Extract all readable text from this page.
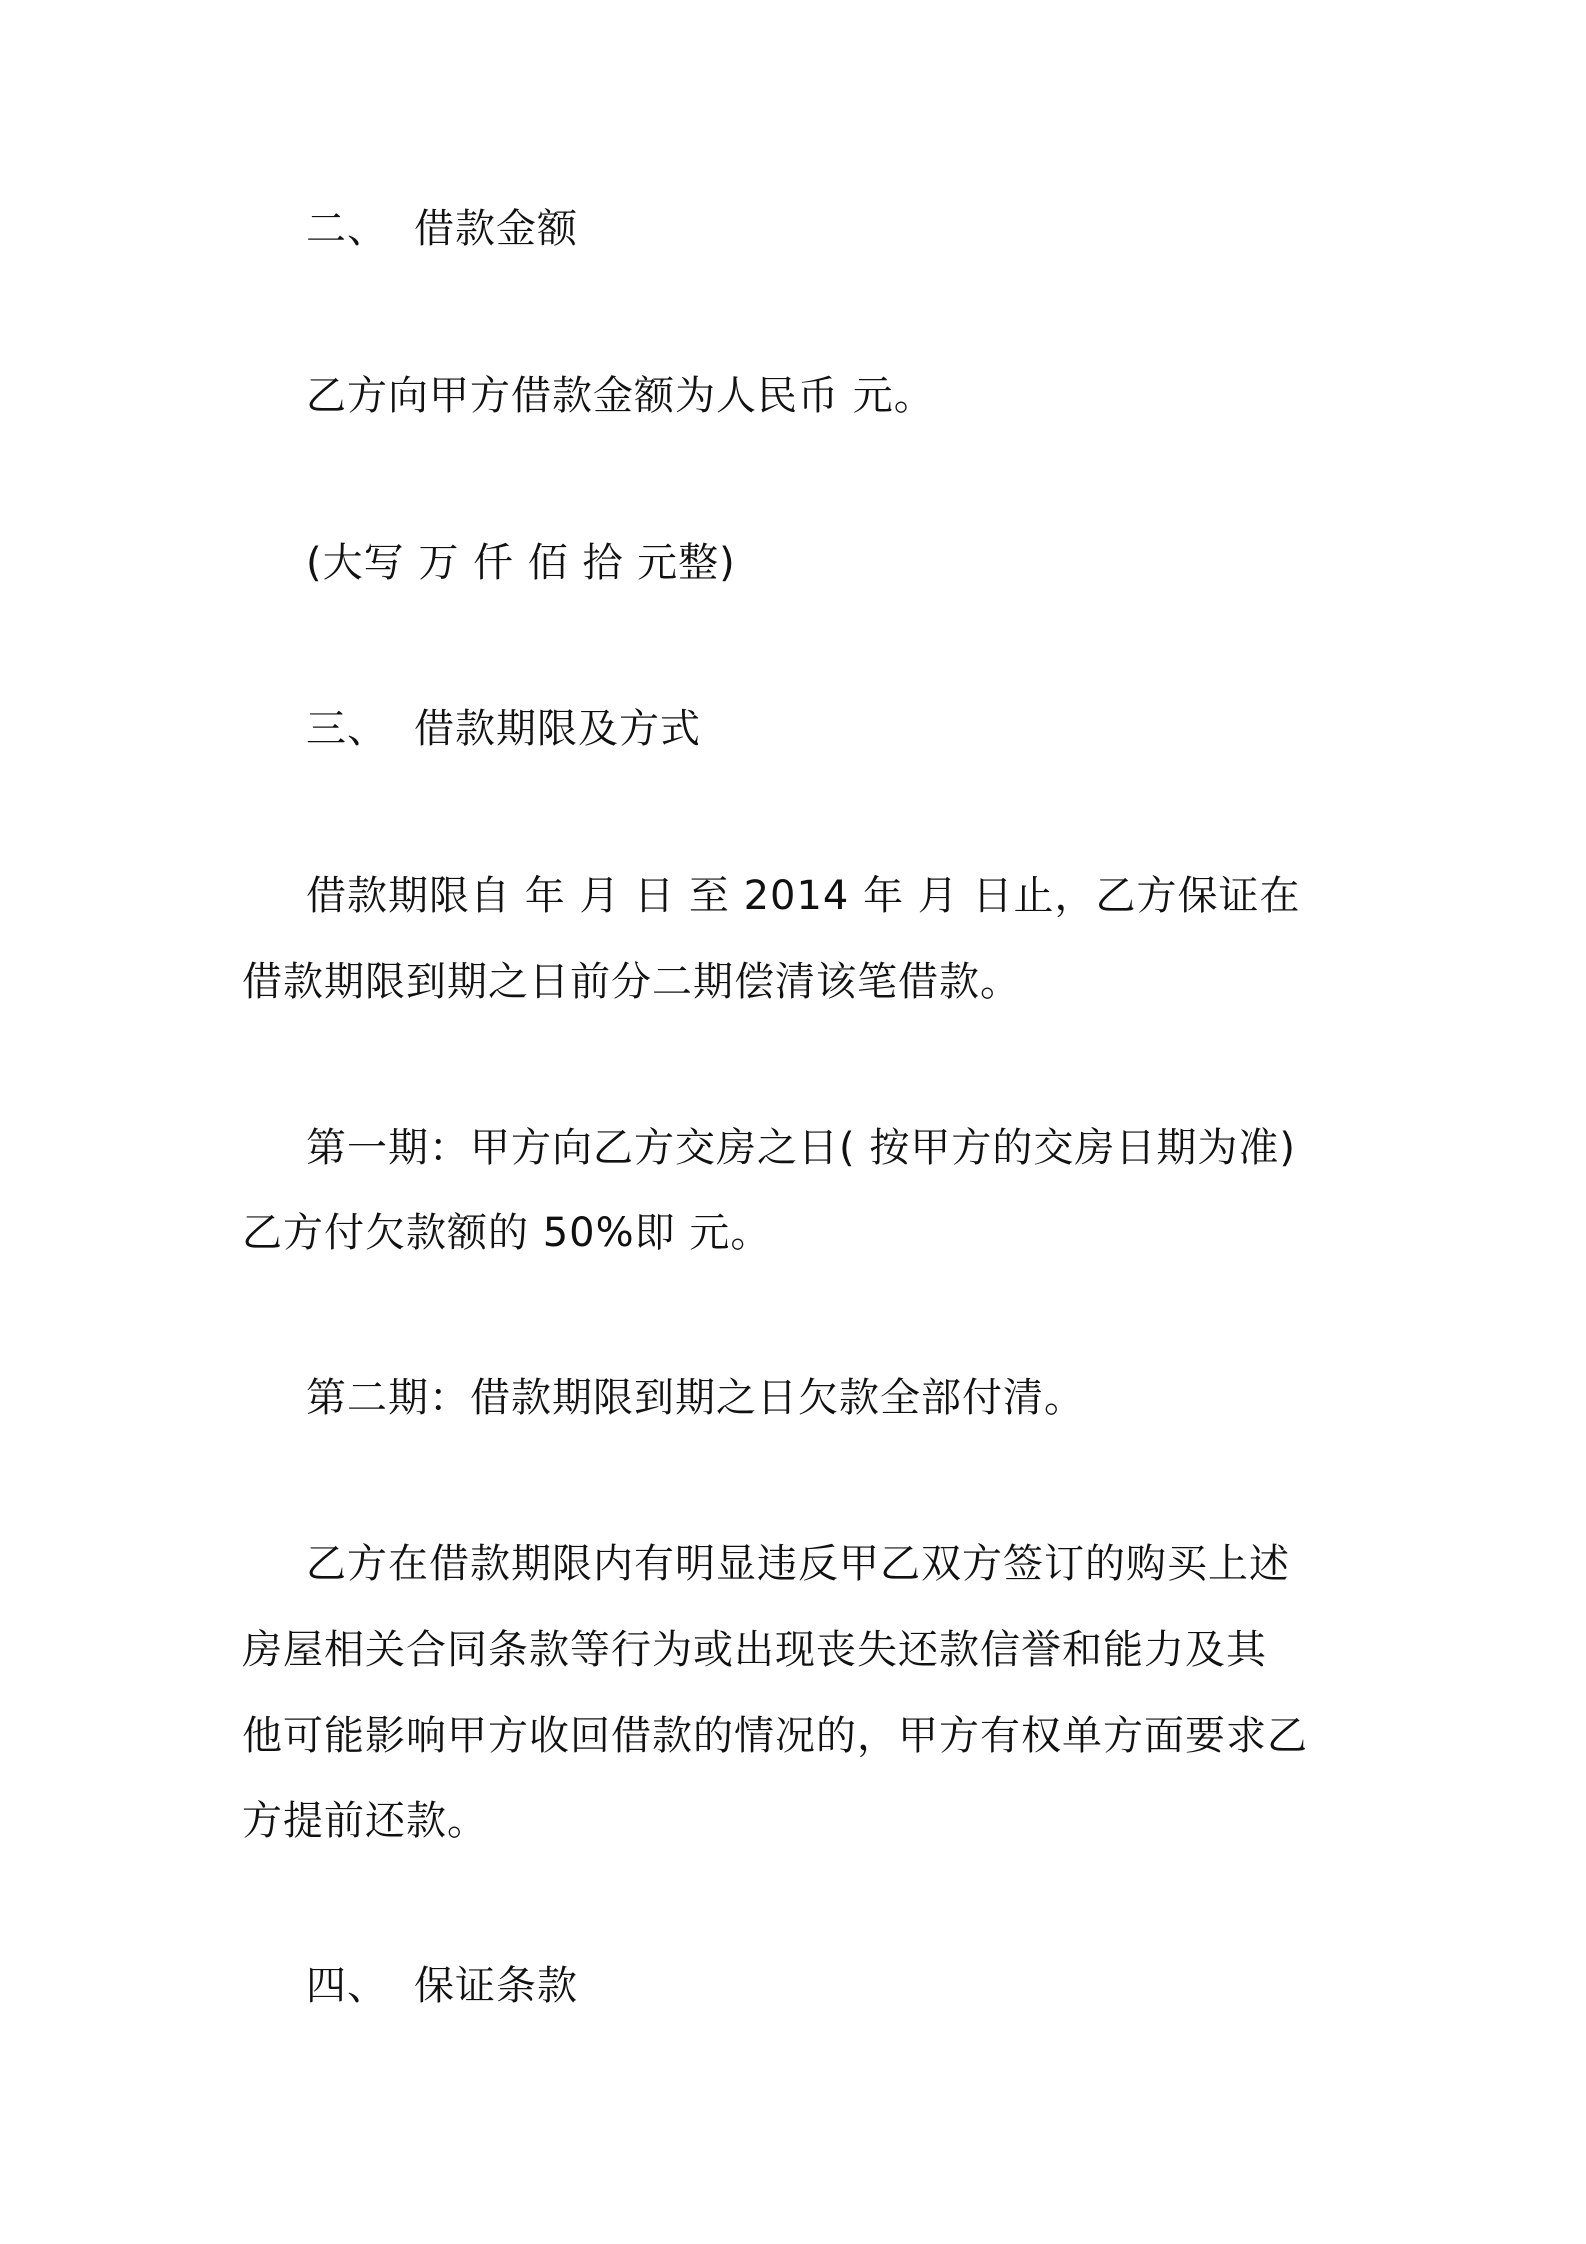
二、 借款金额
乙方向甲方借款金额为人民币 元。
(大写 万 仟 佰 拾 元整)
三、 借款期限及方式
借款期限自 年 月 日 至 2014 年 月 日止，乙方保证在
借款期限到期之日前分二期偿清该笔借款。
第一期：甲方向乙方交房之日( 按甲方的交房日期为准)
乙方付欠款额的 50%即 元。
第二期：借款期限到期之日欠款全部付清。
乙方在借款期限内有明显违反甲乙双方签订的购买上述
房屋相关合同条款等行为或出现丧失还款信誉和能力及其
他可能影响甲方收回借款的情况的，甲方有权单方面要求乙
方提前还款。
四、 保证条款
